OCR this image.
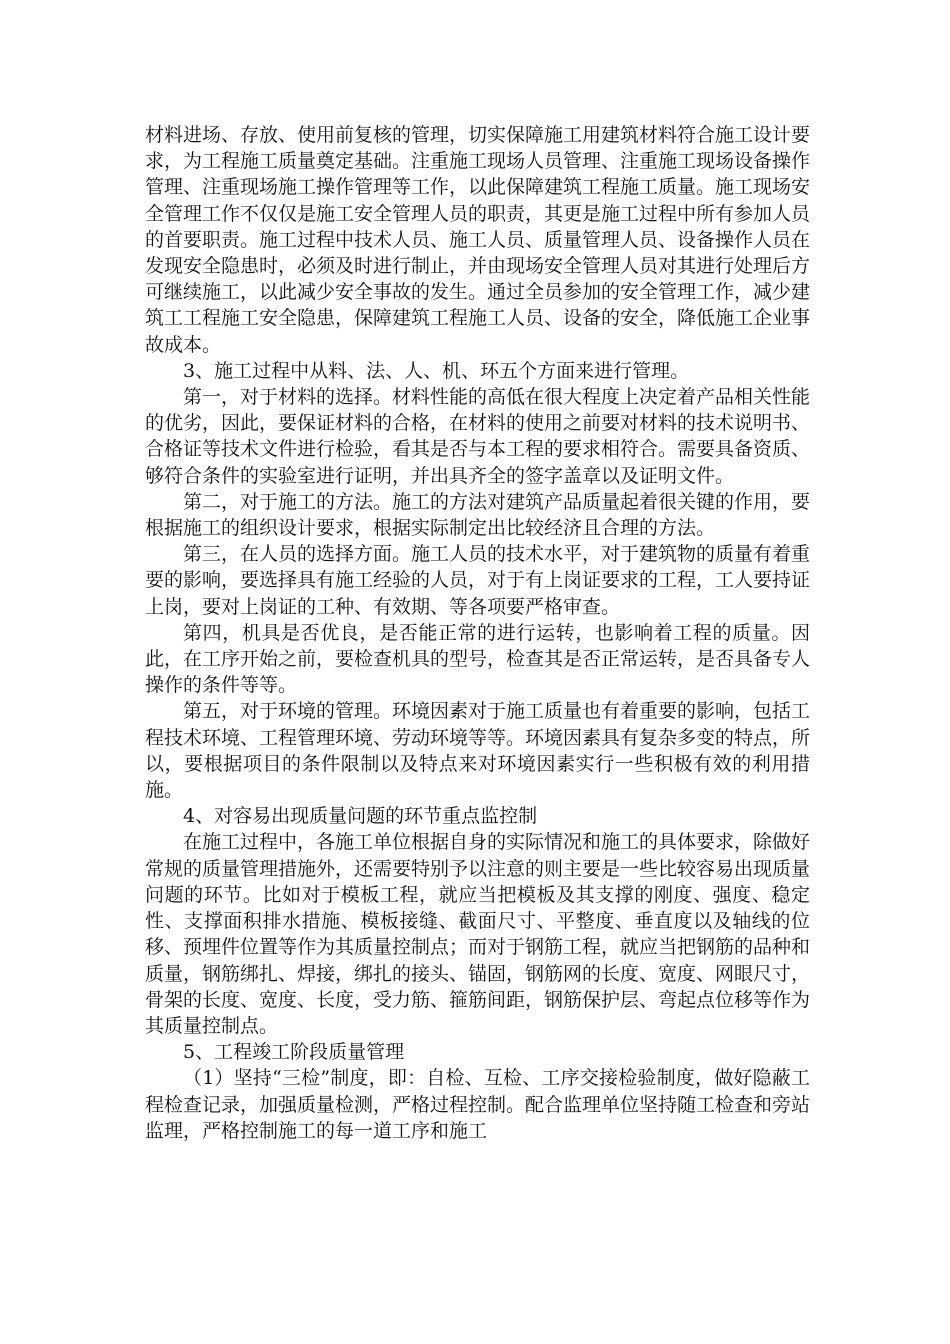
材料进场、存放、使用前复核的管理，切实保障施工用建筑材料符合施工设计要求，为工程施工质量奠定基础。注重施工现场人员管理、注重施工现场设备操作管理、注重现场施工操作管理等工作，以此保障建筑工程施工质量。施工现场安全管理工作不仅仅是施工安全管理人员的职责，其更是施工过程中所有参加人员的首要职责。施工过程中技术人员、施工人员、质量管理人员、设备操作人员在发现安全隐患时，必须及时进行制止，并由现场安全管理人员对其进行处理后方可继续施工，以此减少安全事故的发生。通过全员参加的安全管理工作，减少建筑工工程施工安全隐患，保障建筑工程施工人员、设备的安全，降低施工企业事故成本。

3、施工过程中从料、法、人、机、环五个方面来进行管理。

第一，对于材料的选择。材料性能的高低在很大程度上决定着产品相关性能的优劣，因此，要保证材料的合格，在材料的使用之前要对材料的技术说明书、合格证等技术文件进行检验，看其是否与本工程的要求相符合。需要具备资质、够符合条件的实验室进行证明，并出具齐全的签字盖章以及证明文件。

第二，对于施工的方法。施工的方法对建筑产品质量起着很关键的作用，要根据施工的组织设计要求，根据实际制定出比较经济且合理的方法。

第三，在人员的选择方面。施工人员的技术水平，对于建筑物的质量有着重要的影响，要选择具有施工经验的人员，对于有上岗证要求的工程，工人要持证上岗，要对上岗证的工种、有效期、等各项要严格审查。

第四，机具是否优良，是否能正常的进行运转，也影响着工程的质量。因此，在工序开始之前，要检查机具的型号，检查其是否正常运转，是否具备专人操作的条件等等。

第五，对于环境的管理。环境因素对于施工质量也有着重要的影响，包括工程技术环境、工程管理环境、劳动环境等等。环境因素具有复杂多变的特点，所以，要根据项目的条件限制以及特点来对环境因素实行一些积极有效的利用措施。

4、对容易出现质量问题的环节重点监控制

在施工过程中，各施工单位根据自身的实际情况和施工的具体要求，除做好常规的质量管理措施外，还需要特别予以注意的则主要是一些比较容易出现质量问题的环节。比如对于模板工程，就应当把模板及其支撑的刚度、强度、稳定性、支撑面积排水措施、模板接缝、截面尺寸、平整度、垂直度以及轴线的位移、预埋件位置等作为其质量控制点；而对于钢筋工程，就应当把钢筋的品种和质量，钢筋绑扎、焊接，绑扎的接头、锚固，钢筋网的长度、宽度、网眼尺寸，骨架的长度、宽度、长度，受力筋、箍筋间距，钢筋保护层、弯起点位移等作为其质量控制点。

5、工程竣工阶段质量管理

（1）坚持“三检”制度，即：自检、互检、工序交接检验制度，做好隐蔽工程检查记录，加强质量检测，严格过程控制。配合监理单位坚持随工检查和旁站监理，严格控制施工的每一道工序和施工
